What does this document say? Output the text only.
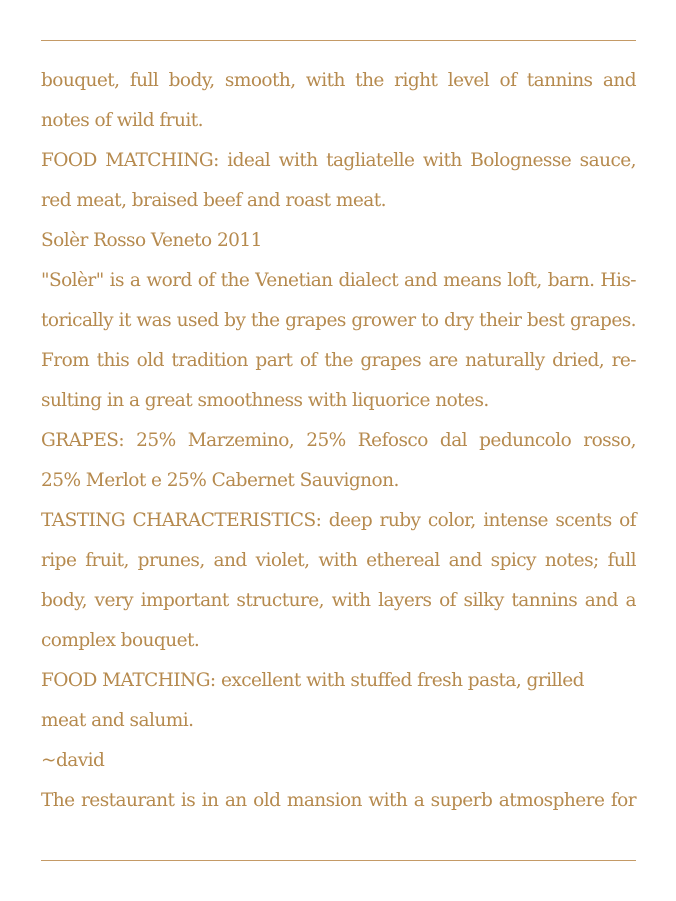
bouquet, full body, smooth, with the right level of tannins and
notes of wild fruit.
FOOD MATCHING: ideal with tagliatelle with Bolognesse sauce,
red meat, braised beef and roast meat.
Solèr Rosso Veneto 2011
"Solèr" is a word of the Venetian dialect and means loft, barn. His-
torically it was used by the grapes grower to dry their best grapes.
From this old tradition part of the grapes are naturally dried, re-
sulting in a great smoothness with liquorice notes.
GRAPES: 25% Marzemino, 25% Refosco dal peduncolo rosso,
25% Merlot e 25% Cabernet Sauvignon.
TASTING CHARACTERISTICS: deep ruby color, intense scents of
ripe fruit, prunes, and violet, with ethereal and spicy notes; full
body, very important structure, with layers of silky tannins and a
complex bouquet.
FOOD MATCHING: excellent with stuffed fresh pasta, grilled
meat and salumi.
~david
The restaurant is in an old mansion with a superb atmosphere for
